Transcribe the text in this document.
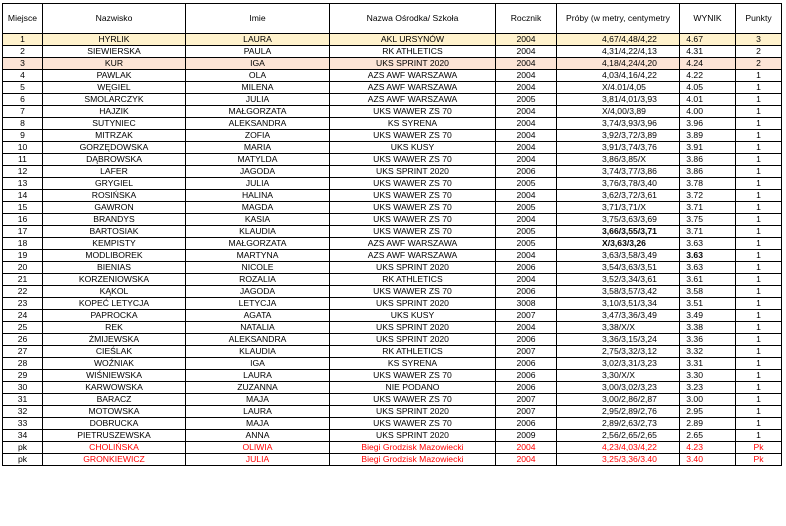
Miejsce	Nazwisko	Imie	Nazwa Ośrodka/ Szkoła	Rocznik	Próby (w metry, centymetry	WYNIK	Punkty
1	HYRLIK	LAURA	AKL URSYNÓW	2004	4,67/4,48/4,22	4.67	3
2	SIEWIERSKA	PAULA	RK ATHLETICS	2004	4,31/4,22/4,13	4.31	2
3	KUR	IGA	UKS SPRINT 2020	2004	4,18/4,24/4,20	4.24	2
4	PAWLAK	OLA	AZS AWF WARSZAWA	2004	4,03/4,16/4,22	4.22	1
5	WĘGIEL	MILENA	AZS AWF WARSZAWA	2004	X/4.01/4,05	4.05	1
6	SMOLARCZYK	JULIA	AZS AWF WARSZAWA	2005	3,81/4,01/3,93	4.01	1
7	HAJZIK	MAŁGORZATA	UKS WAWER ZS 70	2004	X/4,00/3,89	4.00	1
8	SUTYNIEC	ALEKSANDRA	KS SYRENA	2004	3,74/3,93/3,96	3.96	1
9	MITRZAK	ZOFIA	UKS WAWER ZS 70	2004	3,92/3,72/3,89	3.89	1
10	GORZĘDOWSKA	MARIA	UKS KUSY	2004	3,91/3,74/3,76	3.91	1
11	DĄBROWSKA	MATYLDA	UKS WAWER ZS 70	2004	3,86/3,85/X	3.86	1
12	LAFER	JAGODA	UKS SPRINT 2020	2006	3,74/3,77/3,86	3.86	1
13	GRYGIEL	JULIA	UKS WAWER ZS 70	2005	3,76/3,78/3,40	3.78	1
14	ROSIŃSKA	HALINA	UKS WAWER ZS 70	2004	3,62/3,72/3,61	3.72	1
15	GAWRON	MAGDA	UKS WAWER ZS 70	2005	3,71/3,71/X	3.71	1
16	BRANDYS	KASIA	UKS WAWER ZS 70	2004	3,75/3,63/3,69	3.75	1
17	BARTOSIAK	KLAUDIA	UKS WAWER ZS 70	2005	3,66/3,55/3,71	3.71	1
18	KEMPISTY	MAŁGORZATA	AZS AWF WARSZAWA	2005	X/3,63/3,26	3.63	1
19	MODLIBOREK	MARTYNA	AZS AWF WARSZAWA	2004	3,63/3,58/3,49	3.63	1
20	BIENIAS	NICOLE	UKS SPRINT 2020	2006	3,54/3,63/3,51	3.63	1
21	KORZENIOWSKA	ROZALIA	RK ATHLETICS	2004	3,52/3,34/3,61	3.61	1
22	KĄKOL	JAGODA	UKS WAWER ZS 70	2006	3,58/3,57/3,42	3.58	1
23	KOPEĆ LETYCJA	LETYCJA	UKS SPRINT 2020	3008	3,10/3,51/3,34	3.51	1
24	PAPROCKA	AGATA	UKS KUSY	2007	3,47/3,36/3,49	3.49	1
25	REK	NATALIA	UKS SPRINT 2020	2004	3,38/X/X	3.38	1
26	ŻMIJEWSKA	ALEKSANDRA	UKS SPRINT 2020	2006	3,36/3,15/3,24	3.36	1
27	CIEŚLAK	KLAUDIA	RK ATHLETICS	2007	2,75/3,32/3,12	3.32	1
28	WOŹNIAK	IGA	KS SYRENA	2006	3,02/3,31/3,23	3.31	1
29	WIŚNIEWSKA	LAURA	UKS WAWER ZS 70	2006	3,30/X/X	3.30	1
30	KARWOWSKA	ZUZANNA	NIE PODANO	2006	3,00/3,02/3,23	3.23	1
31	BARACZ	MAJA	UKS WAWER ZS 70	2007	3,00/2,86/2,87	3.00	1
32	MOTOWSKA	LAURA	UKS SPRINT 2020	2007	2,95/2,89/2,76	2.95	1
33	DOBRUCKA	MAJA	UKS WAWER ZS 70	2006	2,89/2,63/2,73	2.89	1
34	PIETRUSZEWSKA	ANNA	UKS SPRINT 2020	2009	2,56/2,65/2,65	2.65	1
pk	CHOLIŃSKA	OLIWIA	Biegi Grodzisk Mazowiecki	2004	4,23/4,03/4,22	4.23	Pk
pk	GRONKIEWICZ	JULIA	Biegi Grodzisk Mazowiecki	2004	3,25/3,36/3.40	3.40	Pk
